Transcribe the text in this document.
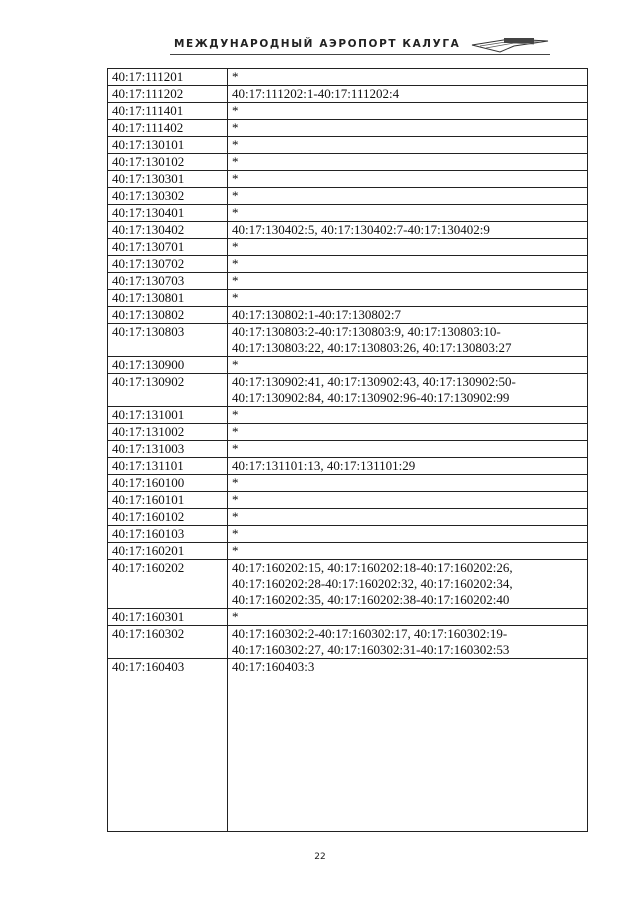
МЕЖДУНАРОДНЫЙ АЭРОПОРТ КАЛУГА
40:17:111201	*
40:17:111202	40:17:111202:1-40:17:111202:4
40:17:111401	*
40:17:111402	*
40:17:130101	*
40:17:130102	*
40:17:130301	*
40:17:130302	*
40:17:130401	*
40:17:130402	40:17:130402:5, 40:17:130402:7-40:17:130402:9
40:17:130701	*
40:17:130702	*
40:17:130703	*
40:17:130801	*
40:17:130802	40:17:130802:1-40:17:130802:7
40:17:130803	40:17:130803:2-40:17:130803:9, 40:17:130803:10-
40:17:130803:22, 40:17:130803:26, 40:17:130803:27
40:17:130900	*
40:17:130902	40:17:130902:41, 40:17:130902:43, 40:17:130902:50-
40:17:130902:84, 40:17:130902:96-40:17:130902:99
40:17:131001	*
40:17:131002	*
40:17:131003	*
40:17:131101	40:17:131101:13, 40:17:131101:29
40:17:160100	*
40:17:160101	*
40:17:160102	*
40:17:160103	*
40:17:160201	*
40:17:160202	40:17:160202:15, 40:17:160202:18-40:17:160202:26,
40:17:160202:28-40:17:160202:32, 40:17:160202:34,
40:17:160202:35, 40:17:160202:38-40:17:160202:40
40:17:160301	*
40:17:160302	40:17:160302:2-40:17:160302:17, 40:17:160302:19-
40:17:160302:27, 40:17:160302:31-40:17:160302:53
40:17:160403	40:17:160403:3
22
